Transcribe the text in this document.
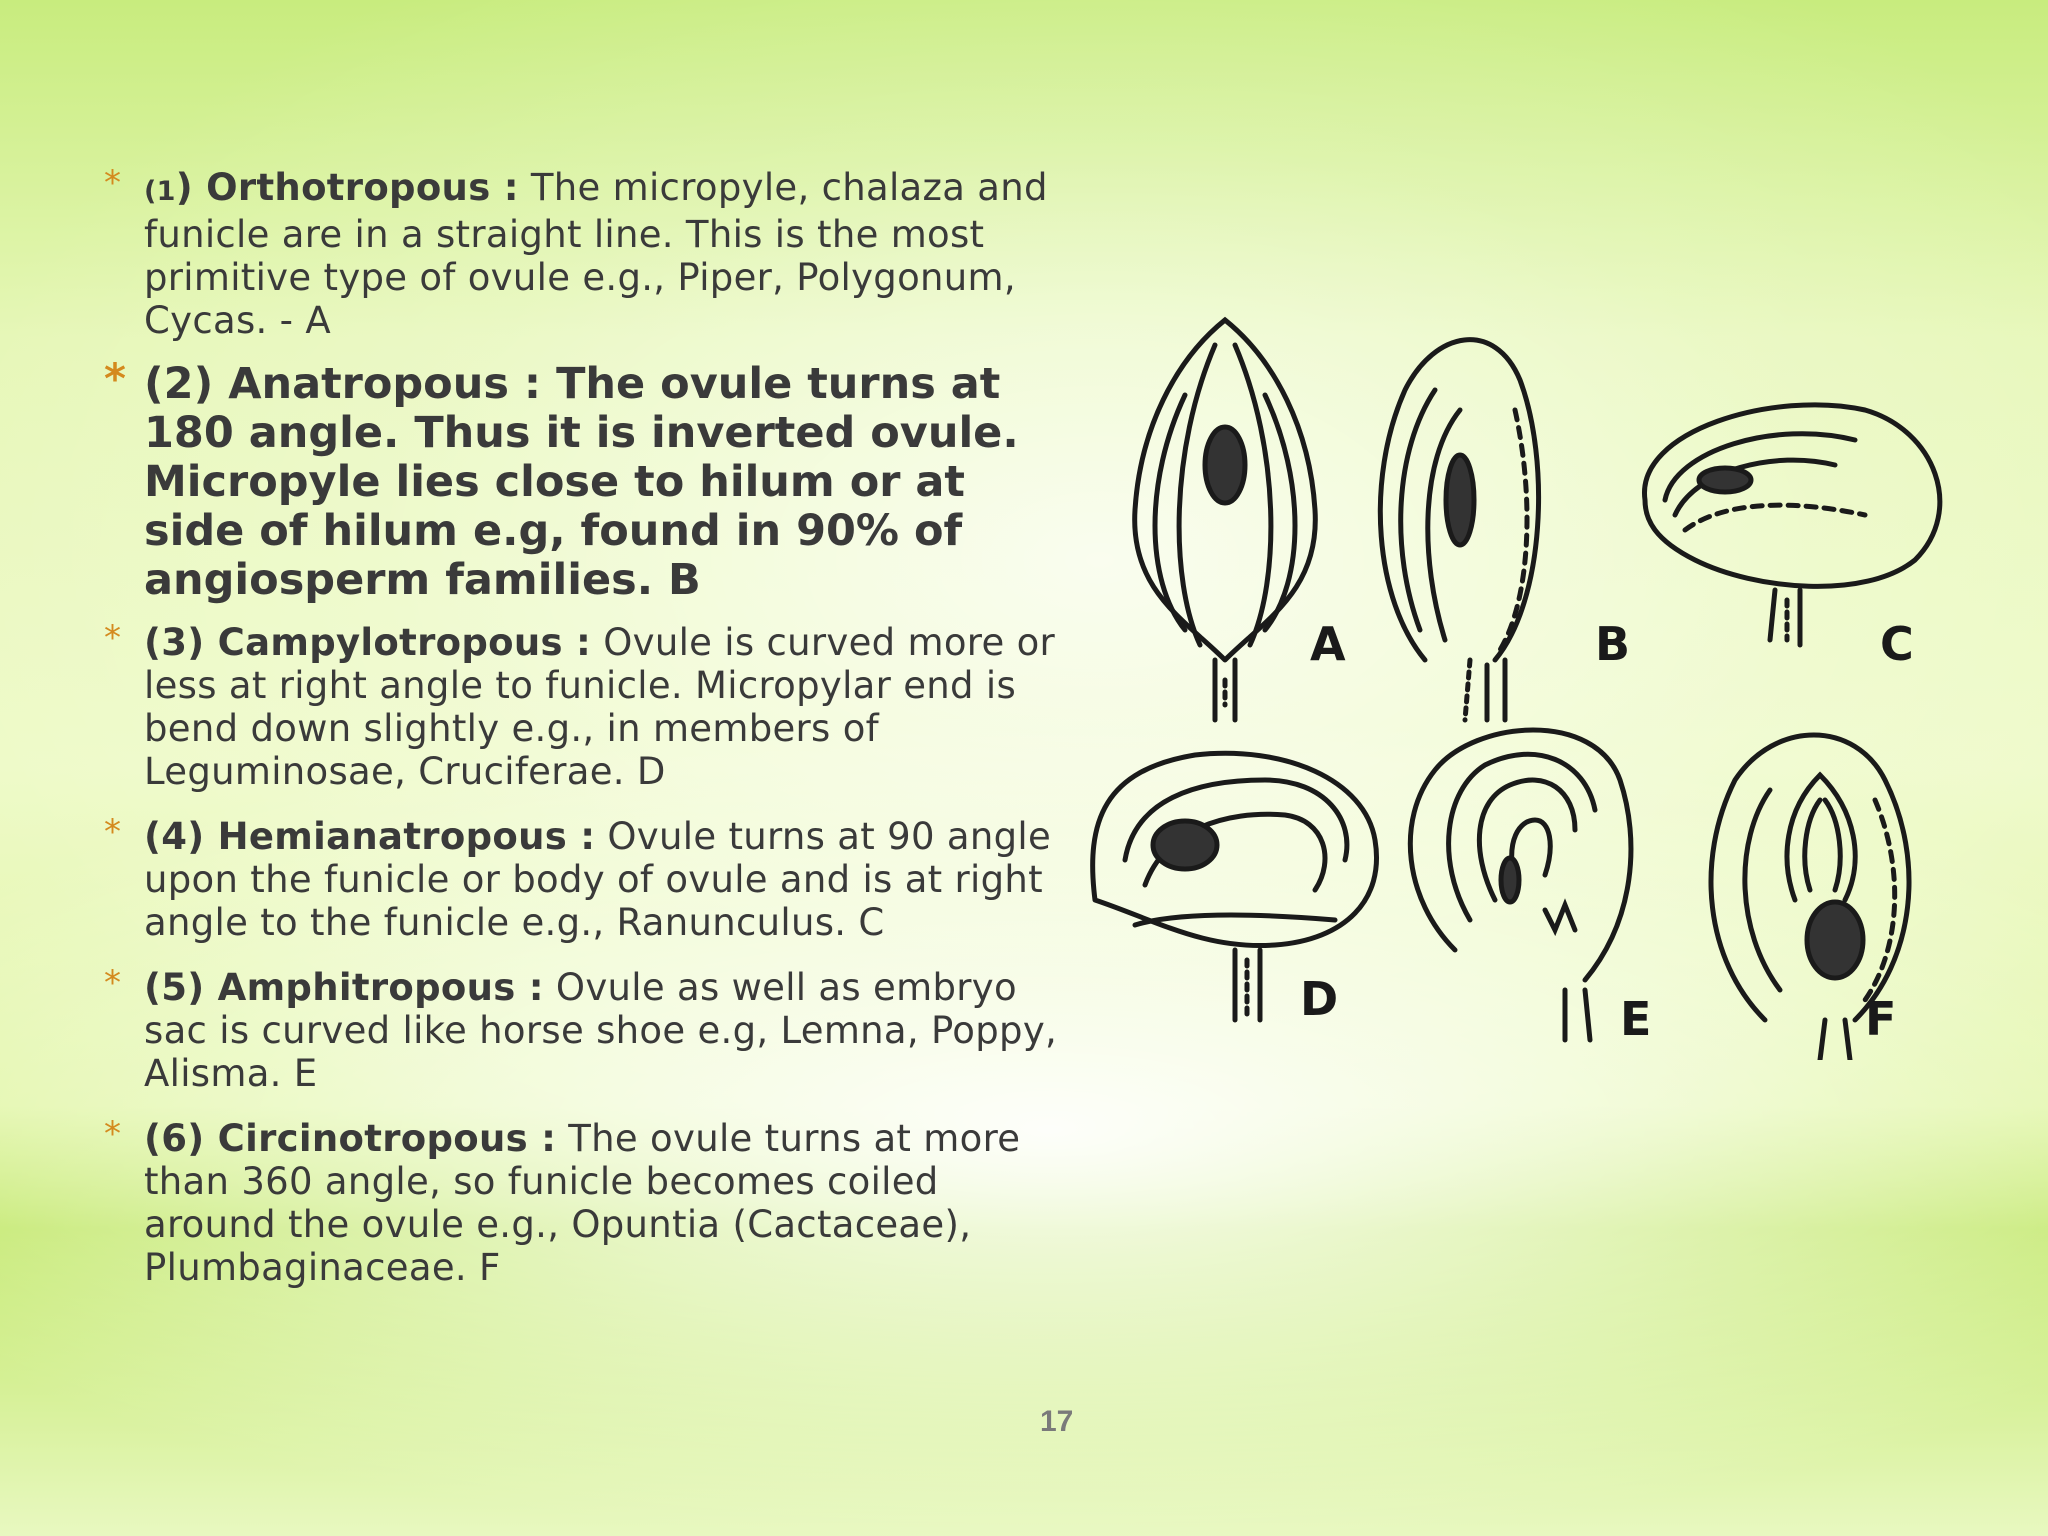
* (1) Orthotropous : The micropyle, chalaza and funicle are in a straight line. This is the most primitive type of ovule e.g., Piper, Polygonum, Cycas. - A
* (2) Anatropous : The ovule turns at 180 angle. Thus it is inverted ovule. Micropyle lies close to hilum or at side of hilum e.g, found in 90% of angiosperm families. B
* (3) Campylotropous : Ovule is curved more or less at right angle to funicle. Micropylar end is bend down slightly e.g., in members of Leguminosae, Cruciferae. D
* (4) Hemianatropous : Ovule turns at 90 angle upon the funicle or body of ovule and is at right angle to the funicle e.g., Ranunculus. C
* (5) Amphitropous : Ovule as well as embryo sac is curved like horse shoe e.g, Lemna, Poppy, Alisma. E
* (6) Circinotropous : The ovule turns at more than 360 angle, so funicle becomes coiled around the ovule e.g., Opuntia (Cactaceae), Plumbaginaceae. F
A	B	C
D	E	F
17
